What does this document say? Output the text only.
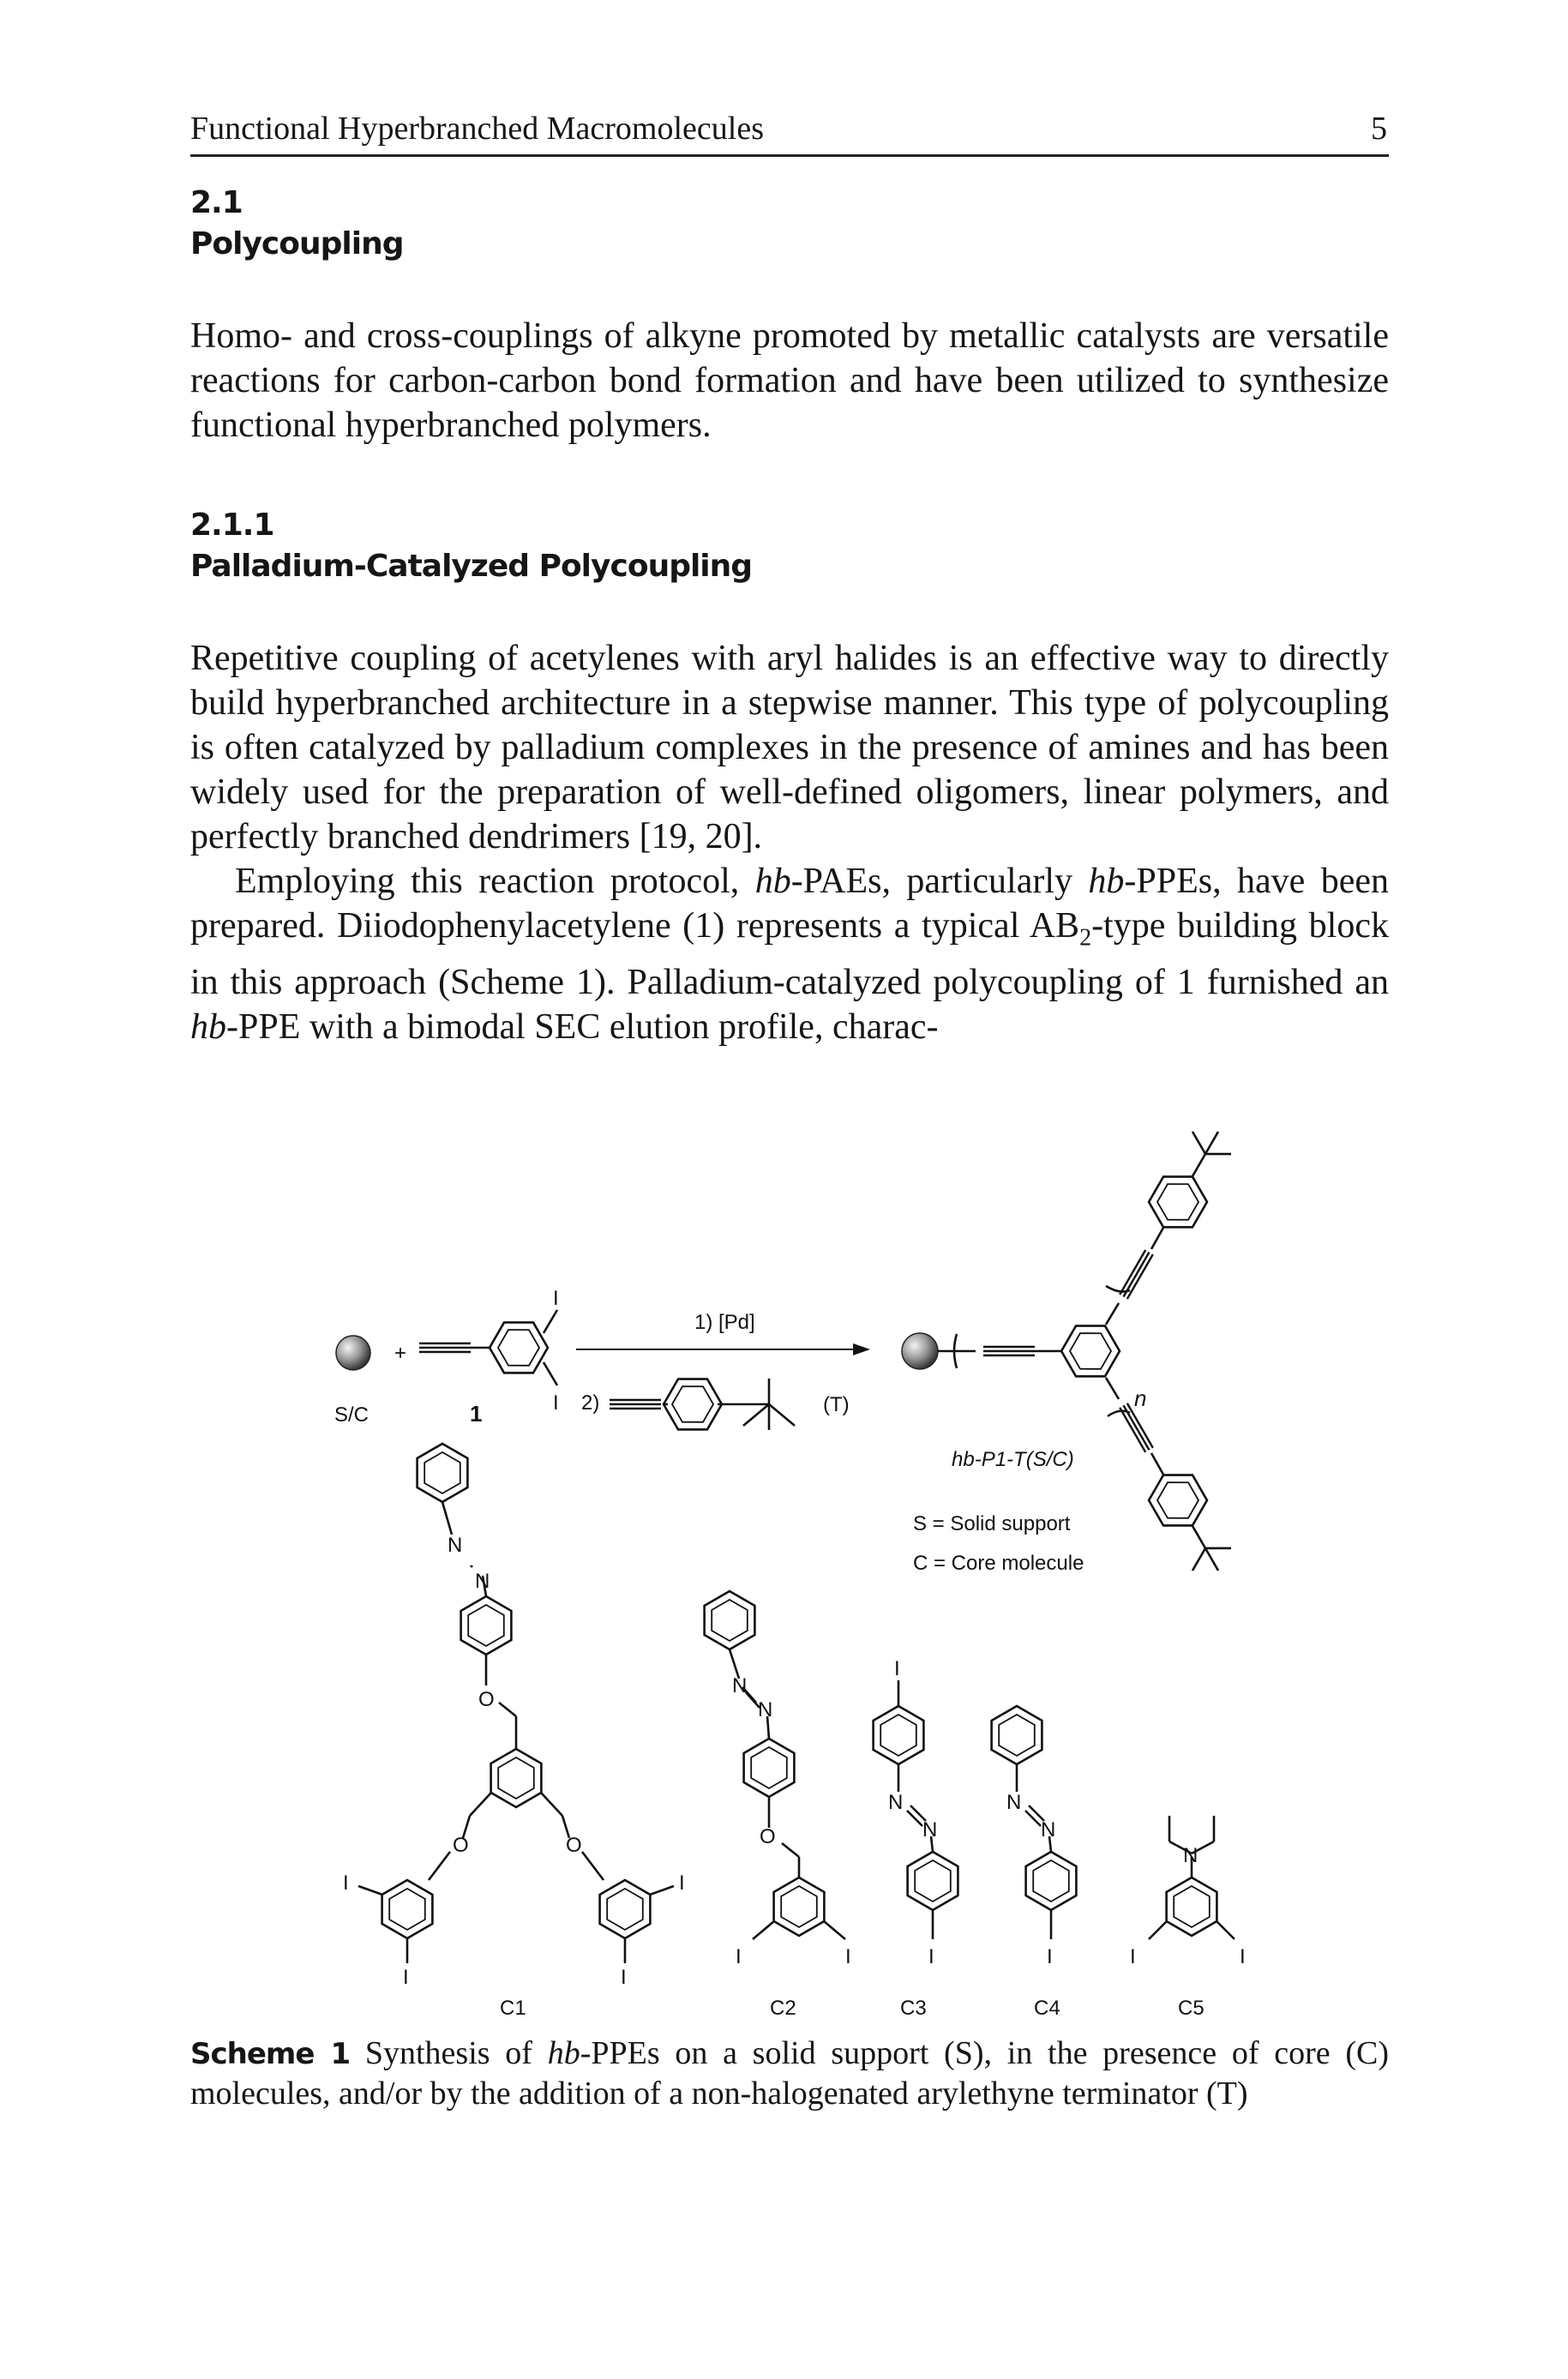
Functional Hyperbranched Macromolecules	5
2.1
Polycoupling
Homo- and cross-couplings of alkyne promoted by metallic catalysts are versatile reactions for carbon-carbon bond formation and have been utilized to synthesize functional hyperbranched polymers.
2.1.1
Palladium-Catalyzed Polycoupling
Repetitive coupling of acetylenes with aryl halides is an effective way to directly build hyperbranched architecture in a stepwise manner. This type of polycoupling is often catalyzed by palladium complexes in the presence of amines and has been widely used for the preparation of well-defined oligomers, linear polymers, and perfectly branched dendrimers [19, 20].
Employing this reaction protocol, hb-PAEs, particularly hb-PPEs, have been prepared. Diiodophenylacetylene (1) represents a typical $AB_2$-type building block in this approach (Scheme 1). Palladium-catalyzed polycoupling of 1 furnished an hb-PPE with a bimodal SEC elution profile, charac-
+
S/C	1
I
I
1) [Pd]
2)	(T)
hb-P1-T(S/C)
n
S = Solid support
C = Core molecule
N
N
O
O	O
I
I
I
I
N
N
O
I	I
I
N
N
I
N
N
I
N
I	I
C1	C2	C3	C4	C5
Scheme 1 Synthesis of hb-PPEs on a solid support (S), in the presence of core (C) molecules, and/or by the addition of a non-halogenated arylethyne terminator (T)
